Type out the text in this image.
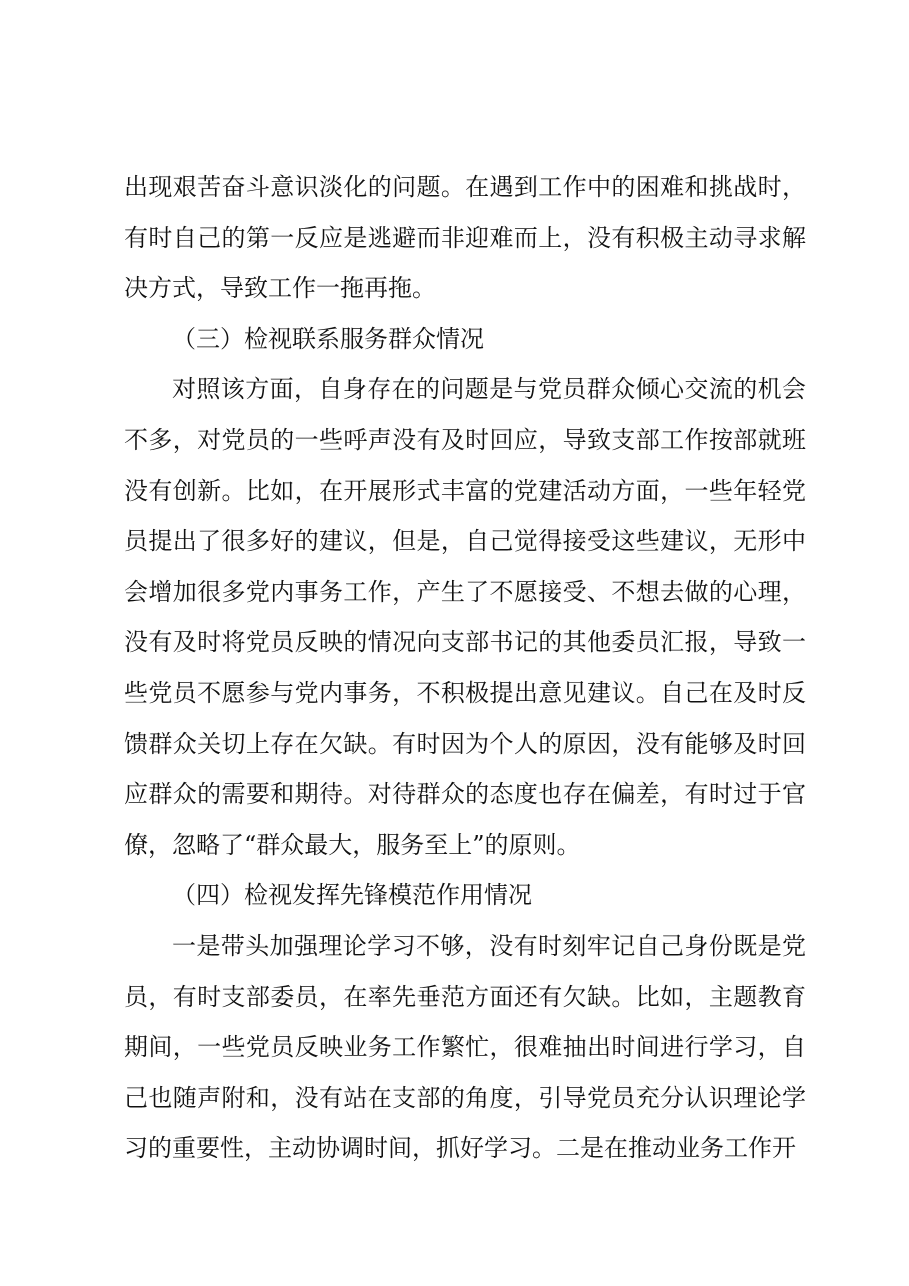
出现艰苦奋斗意识淡化的问题。在遇到工作中的困难和挑战时，有时自己的第一反应是逃避而非迎难而上，没有积极主动寻求解决方式，导致工作一拖再拖。

（三）检视联系服务群众情况

对照该方面，自身存在的问题是与党员群众倾心交流的机会不多，对党员的一些呼声没有及时回应，导致支部工作按部就班没有创新。比如，在开展形式丰富的党建活动方面，一些年轻党员提出了很多好的建议，但是，自己觉得接受这些建议，无形中会增加很多党内事务工作，产生了不愿接受、不想去做的心理，没有及时将党员反映的情况向支部书记的其他委员汇报，导致一些党员不愿参与党内事务，不积极提出意见建议。自己在及时反馈群众关切上存在欠缺。有时因为个人的原因，没有能够及时回应群众的需要和期待。对待群众的态度也存在偏差，有时过于官僚，忽略了“群众最大，服务至上”的原则。

（四）检视发挥先锋模范作用情况

一是带头加强理论学习不够，没有时刻牢记自己身份既是党员，有时支部委员，在率先垂范方面还有欠缺。比如，主题教育期间，一些党员反映业务工作繁忙，很难抽出时间进行学习，自己也随声附和，没有站在支部的角度，引导党员充分认识理论学习的重要性，主动协调时间，抓好学习。二是在推动业务工作开
